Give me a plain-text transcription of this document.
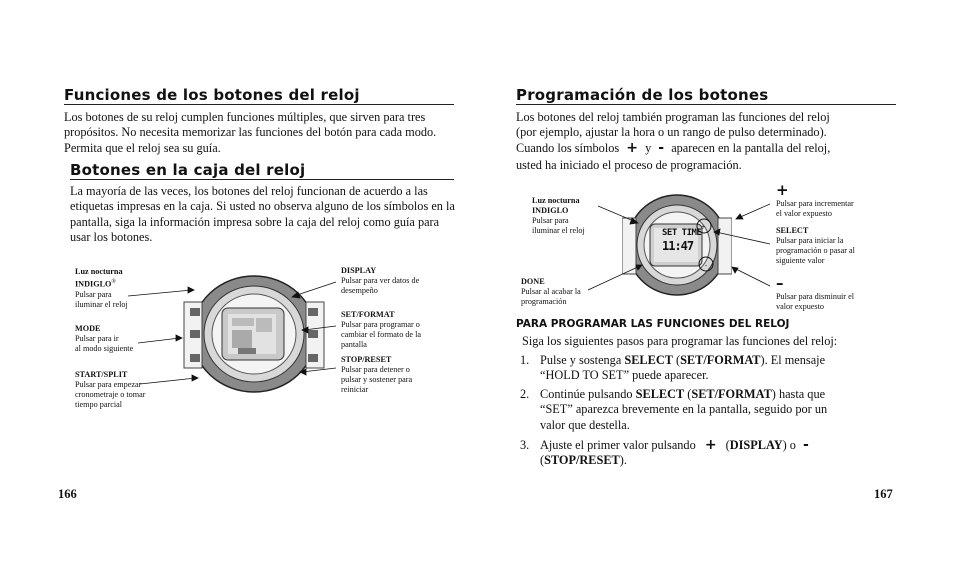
Funciones de los botones del reloj
Los botones de su reloj cumplen funciones múltiples, que sirven para tres propósitos. No necesita memorizar las funciones del botón para cada modo. Permita que el reloj sea su guía.
Botones en la caja del reloj
La mayoría de las veces, los botones del reloj funcionan de acuerdo a las etiquetas impresas en la caja. Si usted no observa alguno de los símbolos en la pantalla, siga la información impresa sobre la caja del reloj como guía para usar los botones.
Luz nocturna
INDIGLO®
Pulsar para
iluminar el reloj
MODE
Pulsar para ir
al modo siguiente
START/SPLIT
Pulsar para empezar
cronometraje o tomar
tiempo parcial
DISPLAY
Pulsar para ver datos de
desempeño
SET/FORMAT
Pulsar para programar o
cambiar el formato de la
pantalla
STOP/RESET
Pulsar para detener o
pulsar y sostener para
reiniciar
166
Programación de los botones
Los botones del reloj también programan las funciones del reloj
(por ejemplo, ajustar la hora o un rango de pulso determinado).
Cuando los símbolos + y - aparecen en la pantalla del reloj,
usted ha iniciado el proceso de programación.
+
-
SET TIME
11:47
Luz nocturna
INDIGLO
Pulsar para
iluminar el reloj
DONE
Pulsar al acabar la
programación
+
Pulsar para incrementar
el valor expuesto
SELECT
Pulsar para iniciar la
programación o pasar al
siguiente valor
–
Pulsar para disminuir el
valor expuesto
PARA PROGRAMAR LAS FUNCIONES DEL RELOJ
Siga los siguientes pasos para programar las funciones del reloj:
1. Pulse y sostenga SELECT (SET/FORMAT). El mensaje
“HOLD TO SET” puede aparecer.
2. Continúe pulsando SELECT (SET/FORMAT) hasta que
“SET” aparezca brevemente en la pantalla, seguido por un
valor que destella.
3. Ajuste el primer valor pulsando + (DISPLAY) o -
(STOP/RESET).
167
